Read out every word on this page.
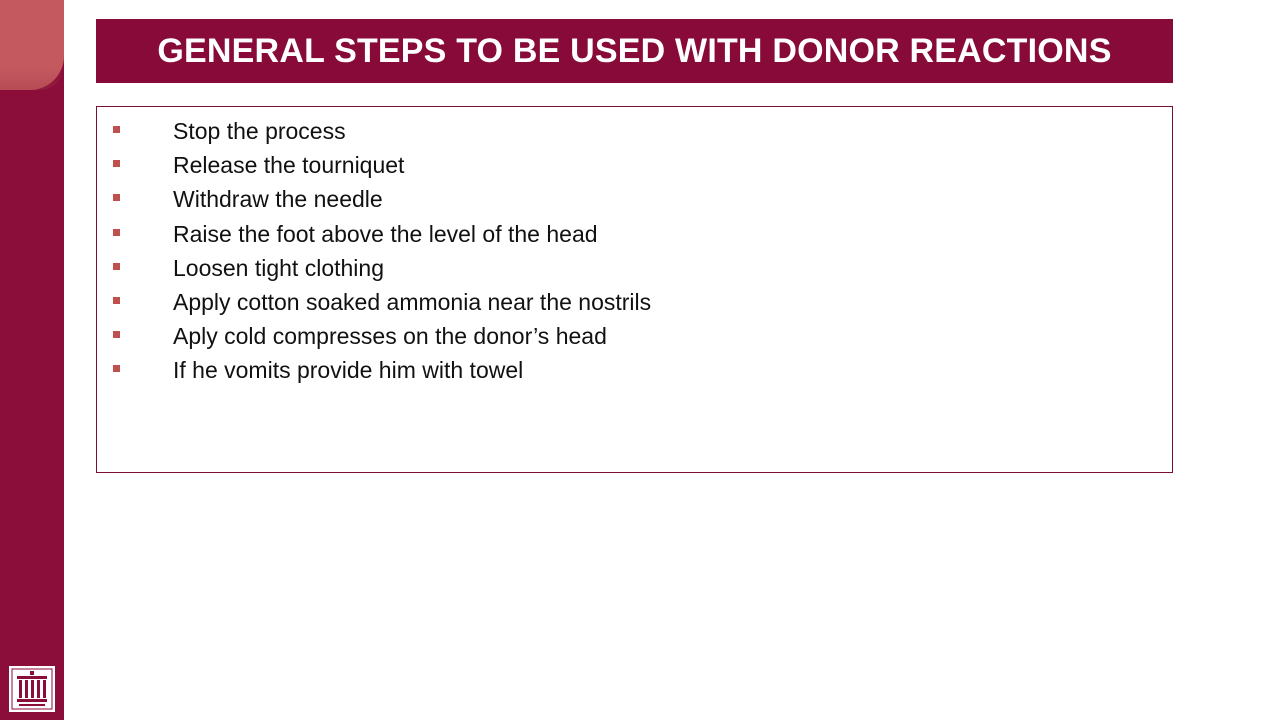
GENERAL STEPS TO BE USED WITH DONOR REACTIONS
Stop the process
Release the tourniquet
Withdraw the needle
Raise the foot above the level of the head
Loosen tight clothing
Apply cotton soaked ammonia near the nostrils
Aply cold compresses on the donor’s head
If he vomits provide him with towel
